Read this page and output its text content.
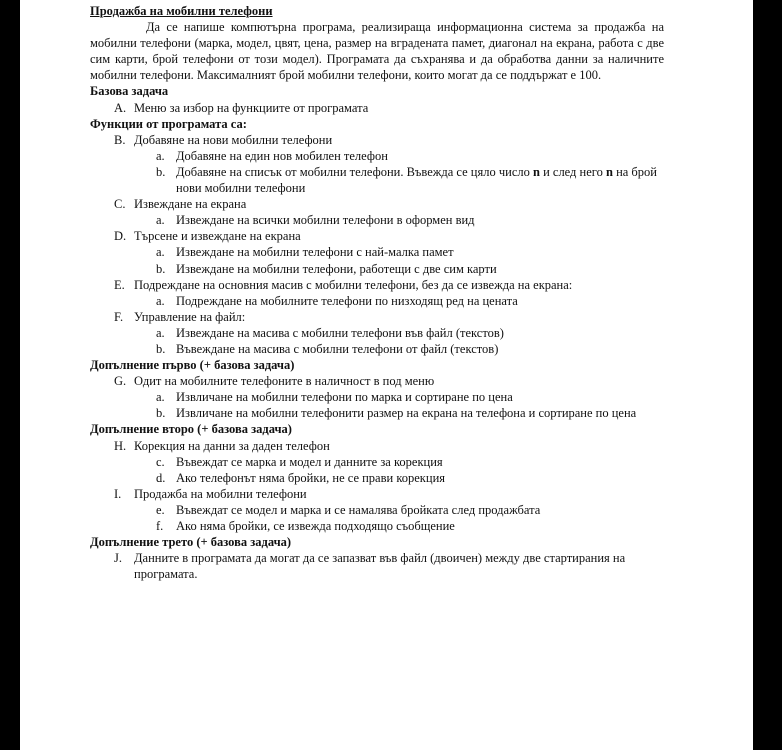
Продажба на мобилни телефони

Да се напише компютърна програма, реализираща информационна система за продажба на мобилни телефони (марка, модел, цвят, цена, размер на вградената памет, диагонал на екрана, работа с две сим карти, брой телефони от този модел). Програмата да съхранява и да обработва данни за наличните мобилни телефони. Максималният брой мобилни телефони, които могат да се поддържат е 100.

Базова задача

A. Меню за избор на функциите от програмата

Функции от програмата са:

B. Добавяне на нови мобилни телефони

a. Добавяне на един нов мобилен телефон

b. Добавяне на списък от мобилни телефони. Въвежда се цяло число n и след него n на брой нови мобилни телефони

C. Извеждане на екрана

a. Извеждане на всички мобилни телефони в оформен вид

D. Търсене и извеждане на екрана

a. Извеждане на мобилни телефони с най-малка памет

b. Извеждане на мобилни телефони, работещи с две сим карти

E. Подреждане на основния масив с мобилни телефони, без да се извежда на екрана:

a. Подреждане на мобилните телефони по низходящ ред на цената

F. Управление на файл:

a. Извеждане на масива с мобилни телефони във файл (текстов)

b. Въвеждане на масива с мобилни телефони от файл (текстов)

Допълнение първо (+ базова задача)

G. Одит на мобилните телефоните в наличност в под меню

a. Извличане на мобилни телефони по марка и сортиране по цена

b. Извличане на мобилни телефонити размер на екрана на телефона и сортиране по цена

Допълнение второ (+ базова задача)

H. Корекция на данни за даден телефон

c. Въвеждат се марка и модел и данните за корекция

d. Ако телефонът няма бройки, не се прави корекция

I. Продажба на мобилни телефони

e. Въвеждат се модел и марка и се намалява бройката след продажбата

f. Ако няма бройки, се извежда подходящо съобщение

Допълнение трето (+ базова задача)

J. Данните в програмата да могат да се запазват във файл (двоичен) между две стартирания на програмата.
